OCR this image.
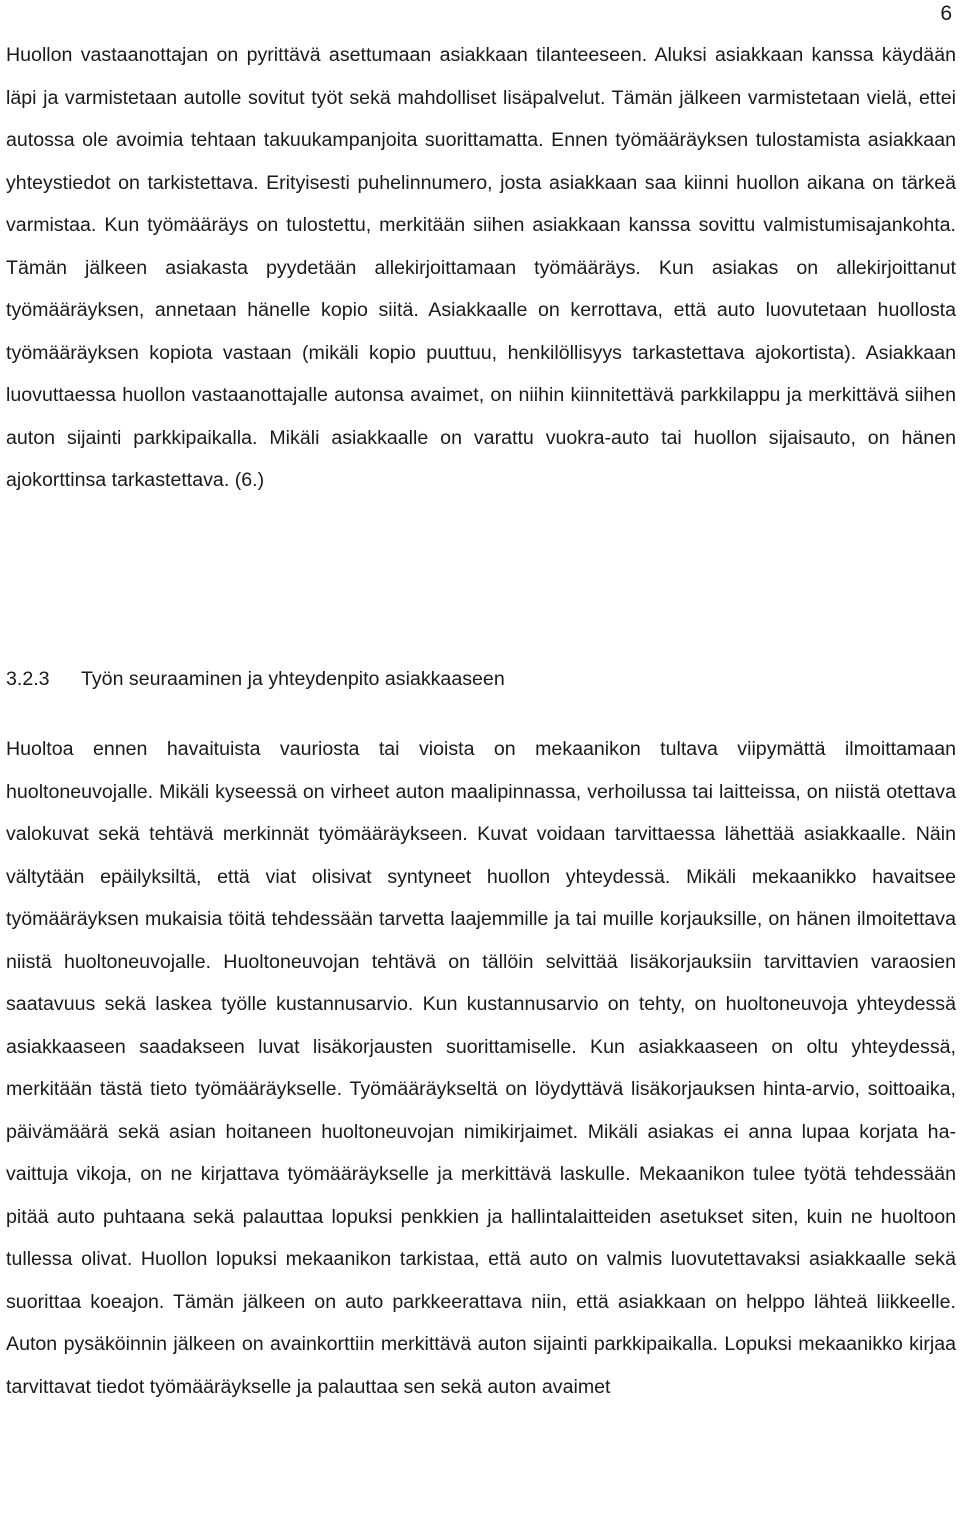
6

Huollon vastaanottajan on pyrittävä asettumaan asiakkaan tilanteeseen. Aluksi asiakkaan kanssa käydään läpi ja varmistetaan autolle sovitut työt sekä mahdolliset lisäpalvelut. Tämän jälkeen varmistetaan vielä, ettei autossa ole avoimia tehtaan takuukampanjoita suorittamatta. Ennen työmääräyksen tulostamista asiakkaan yhteystiedot on tarkistettava. Erityisesti puhelinnumero, josta asiakkaan saa kiinni huollon aikana on tärkeä varmistaa. Kun työmääräys on tulostettu, merkitään siihen asiakkaan kanssa sovittu valmistumisajankohta. Tämän jälkeen asiakasta pyydetään allekirjoittamaan työmääräys. Kun asiakas on allekirjoittanut työmääräyksen, annetaan hänelle kopio siitä. Asiakkaalle on kerrottava, että auto luovutetaan huollosta työmääräyksen kopiota vastaan (mikäli kopio puuttuu, henkilöllisyys tarkastettava ajokortista). Asiakkaan luovuttaessa huollon vastaanottajalle autonsa avaimet, on niihin kiinnitettävä parkkilappu ja merkittävä siihen auton sijainti parkkipaikalla. Mikäli asiakkaalle on varattu vuokra-auto tai huollon sijaisauto, on hänen ajokorttinsa tarkastettava. (6.)

3.2.3 Työn seuraaminen ja yhteydenpito asiakkaaseen

Huoltoa ennen havaituista vauriosta tai vioista on mekaanikon tultava viipymättä ilmoittamaan huoltoneuvojalle. Mikäli kyseessä on virheet auton maalipinnassa, verhoilussa tai laitteissa, on niistä otettava valokuvat sekä tehtävä merkinnät työmääräykseen. Kuvat voidaan tarvittaessa lähettää asiakkaalle. Näin vältytään epäilyksiltä, että viat olisivat syntyneet huollon yhteydessä. Mikäli mekaanikko havaitsee työmääräyksen mukaisia töitä tehdessään tarvetta laajemmille ja tai muille korjauksille, on hänen ilmoitettava niistä huoltoneuvojalle. Huoltoneuvojan tehtävä on tällöin selvittää lisäkorjauksiin tarvittavien varaosien saatavuus sekä laskea työlle kustannusarvio. Kun kustannusarvio on tehty, on huoltoneuvoja yhteydessä asiakkaaseen saadakseen luvat lisäkorjausten suorittamiselle. Kun asiakkaaseen on oltu yhteydessä, merkitään tästä tieto työmääräykselle. Työmääräykseltä on löydyttävä lisäkorjauksen hinta-arvio, soittoaika, päivämäärä sekä asian hoitaneen huoltoneuvojan nimikirjaimet. Mikäli asiakas ei anna lupaa korjata havaittuja vikoja, on ne kirjattava työmääräykselle ja merkittävä laskulle. Mekaanikon tulee työtä tehdessään pitää auto puhtaana sekä palauttaa lopuksi penkkien ja hallintalaitteiden asetukset siten, kuin ne huoltoon tullessa olivat. Huollon lopuksi mekaanikon tarkistaa, että auto on valmis luovutettavaksi asiakkaalle sekä suorittaa koeajon. Tämän jälkeen on auto parkkeerattava niin, että asiakkaan on helppo lähteä liikkeelle. Auton pysäköinnin jälkeen on avainkorttiin merkittävä auton sijainti parkkipaikalla. Lopuksi mekaanikko kirjaa tarvittavat tiedot työmääräykselle ja palauttaa sen sekä auton avaimet
